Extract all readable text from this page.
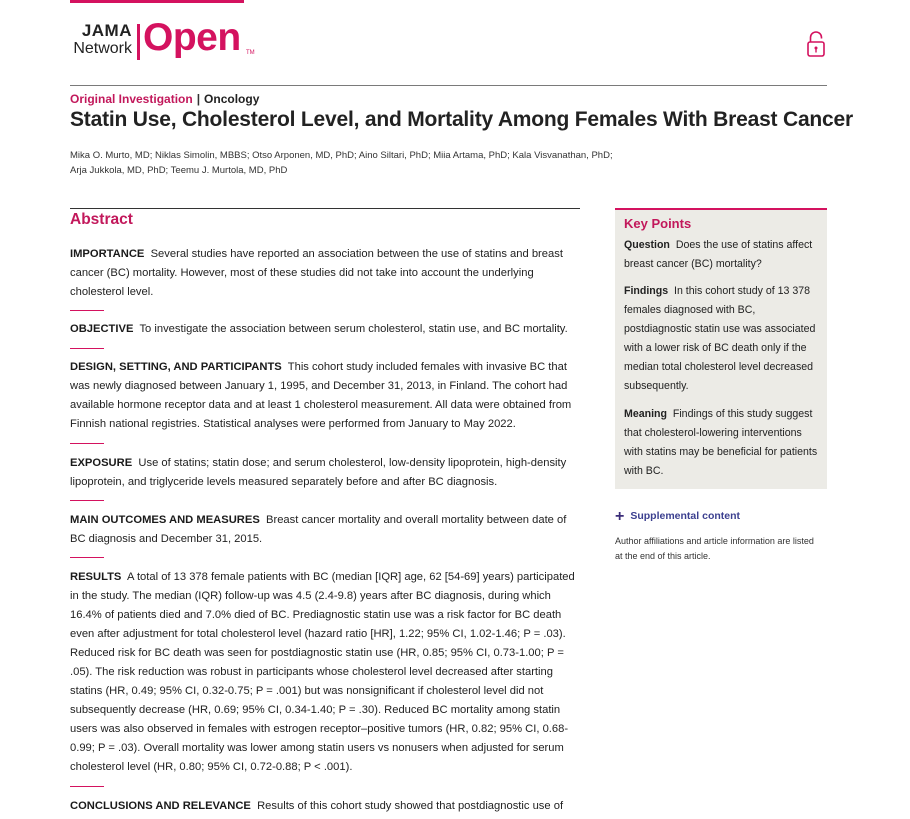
JAMA
Network Open TM
Original Investigation | Oncology
Statin Use, Cholesterol Level, and Mortality Among Females With Breast Cancer
Mika O. Murto, MD; Niklas Simolin, MBBS; Otso Arponen, MD, PhD; Aino Siltari, PhD; Miia Artama, PhD; Kala Visvanathan, PhD;
Arja Jukkola, MD, PhD; Teemu J. Murtola, MD, PhD
Abstract
IMPORTANCE Several studies have reported an association between the use of statins and breast cancer (BC) mortality. However, most of these studies did not take into account the underlying cholesterol level.
OBJECTIVE To investigate the association between serum cholesterol, statin use, and BC mortality.
DESIGN, SETTING, AND PARTICIPANTS This cohort study included females with invasive BC that was newly diagnosed between January 1, 1995, and December 31, 2013, in Finland. The cohort had available hormone receptor data and at least 1 cholesterol measurement. All data were obtained from Finnish national registries. Statistical analyses were performed from January to May 2022.
EXPOSURE Use of statins; statin dose; and serum cholesterol, low-density lipoprotein, high-density lipoprotein, and triglyceride levels measured separately before and after BC diagnosis.
MAIN OUTCOMES AND MEASURES Breast cancer mortality and overall mortality between date of BC diagnosis and December 31, 2015.
RESULTS A total of 13 378 female patients with BC (median [IQR] age, 62 [54-69] years) participated in the study. The median (IQR) follow-up was 4.5 (2.4-9.8) years after BC diagnosis, during which 16.4% of patients died and 7.0% died of BC. Prediagnostic statin use was a risk factor for BC death even after adjustment for total cholesterol level (hazard ratio [HR], 1.22; 95% CI, 1.02-1.46; P = .03). Reduced risk for BC death was seen for postdiagnostic statin use (HR, 0.85; 95% CI, 0.73-1.00; P = .05). The risk reduction was robust in participants whose cholesterol level decreased after starting statins (HR, 0.49; 95% CI, 0.32-0.75; P = .001) but was nonsignificant if cholesterol level did not subsequently decrease (HR, 0.69; 95% CI, 0.34-1.40; P = .30). Reduced BC mortality among statin users was also observed in females with estrogen receptor–positive tumors (HR, 0.82; 95% CI, 0.68-0.99; P = .03). Overall mortality was lower among statin users vs nonusers when adjusted for serum cholesterol level (HR, 0.80; 95% CI, 0.72-0.88; P < .001).
CONCLUSIONS AND RELEVANCE Results of this cohort study showed that postdiagnostic use of
Key Points
Question Does the use of statins affect breast cancer (BC) mortality?
Findings In this cohort study of 13 378 females diagnosed with BC, postdiagnostic statin use was associated with a lower risk of BC death only if the median total cholesterol level decreased subsequently.
Meaning Findings of this study suggest that cholesterol-lowering interventions with statins may be beneficial for patients with BC.
+ Supplemental content
Author affiliations and article information are listed at the end of this article.
